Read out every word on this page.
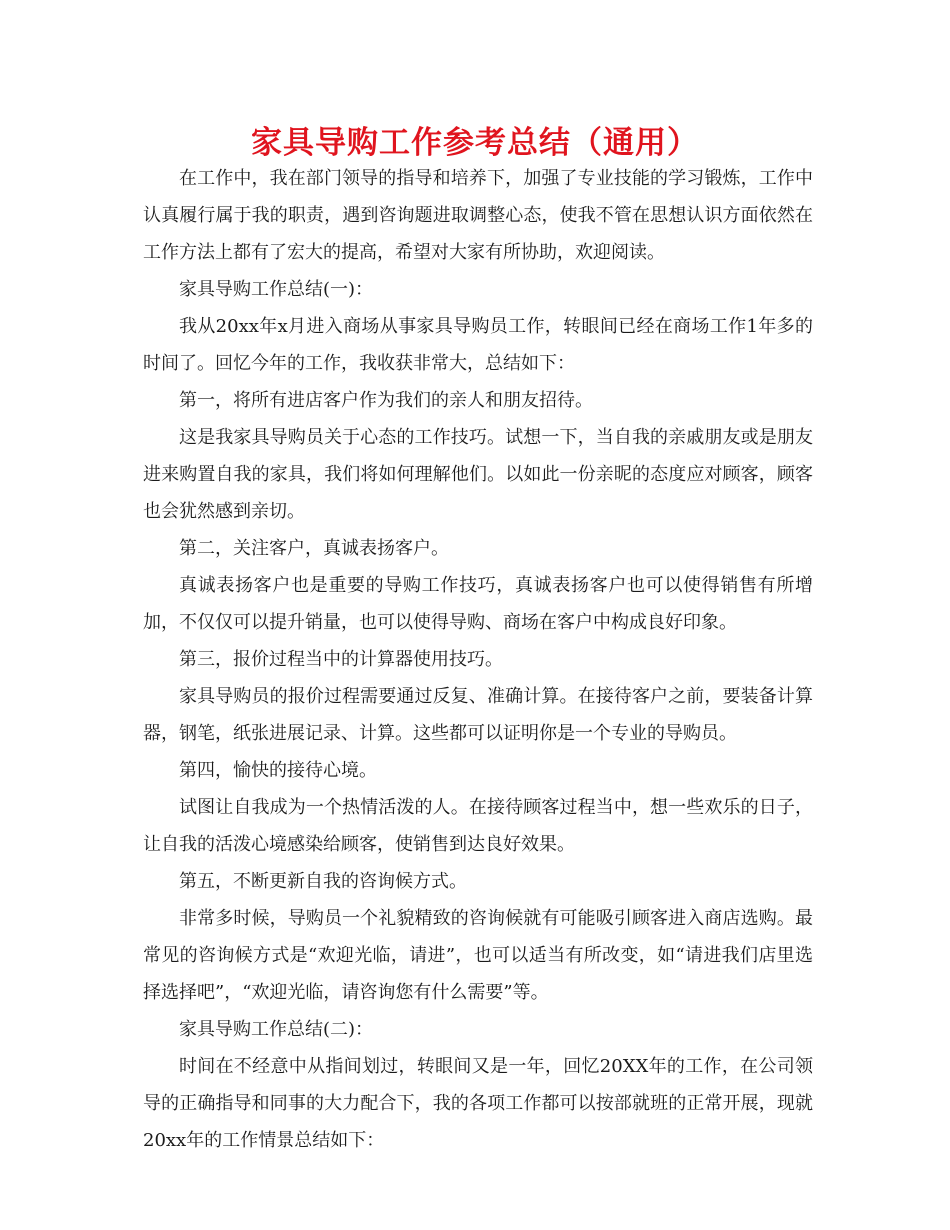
家具导购工作参考总结（通用）

在工作中，我在部门领导的指导和培养下，加强了专业技能的学习锻炼，工作中认真履行属于我的职责，遇到咨询题进取调整心态，使我不管在思想认识方面依然在工作方法上都有了宏大的提高，希望对大家有所协助，欢迎阅读。

家具导购工作总结(一)：

我从20xx年x月进入商场从事家具导购员工作，转眼间已经在商场工作1年多的时间了。回忆今年的工作，我收获非常大，总结如下：

第一，将所有进店客户作为我们的亲人和朋友招待。

这是我家具导购员关于心态的工作技巧。试想一下，当自我的亲戚朋友或是朋友进来购置自我的家具，我们将如何理解他们。以如此一份亲昵的态度应对顾客，顾客也会犹然感到亲切。

第二，关注客户，真诚表扬客户。

真诚表扬客户也是重要的导购工作技巧，真诚表扬客户也可以使得销售有所增加，不仅仅可以提升销量，也可以使得导购、商场在客户中构成良好印象。

第三，报价过程当中的计算器使用技巧。

家具导购员的报价过程需要通过反复、准确计算。在接待客户之前，要装备计算器，钢笔，纸张进展记录、计算。这些都可以证明你是一个专业的导购员。

第四，愉快的接待心境。

试图让自我成为一个热情活泼的人。在接待顾客过程当中，想一些欢乐的日子，让自我的活泼心境感染给顾客，使销售到达良好效果。

第五，不断更新自我的咨询候方式。

非常多时候，导购员一个礼貌精致的咨询候就有可能吸引顾客进入商店选购。最常见的咨询候方式是“欢迎光临，请进”，也可以适当有所改变，如“请进我们店里选择选择吧”，“欢迎光临，请咨询您有什么需要”等。

家具导购工作总结(二)：

时间在不经意中从指间划过，转眼间又是一年，回忆20XX年的工作，在公司领导的正确指导和同事的大力配合下，我的各项工作都可以按部就班的正常开展，现就20xx年的工作情景总结如下：
